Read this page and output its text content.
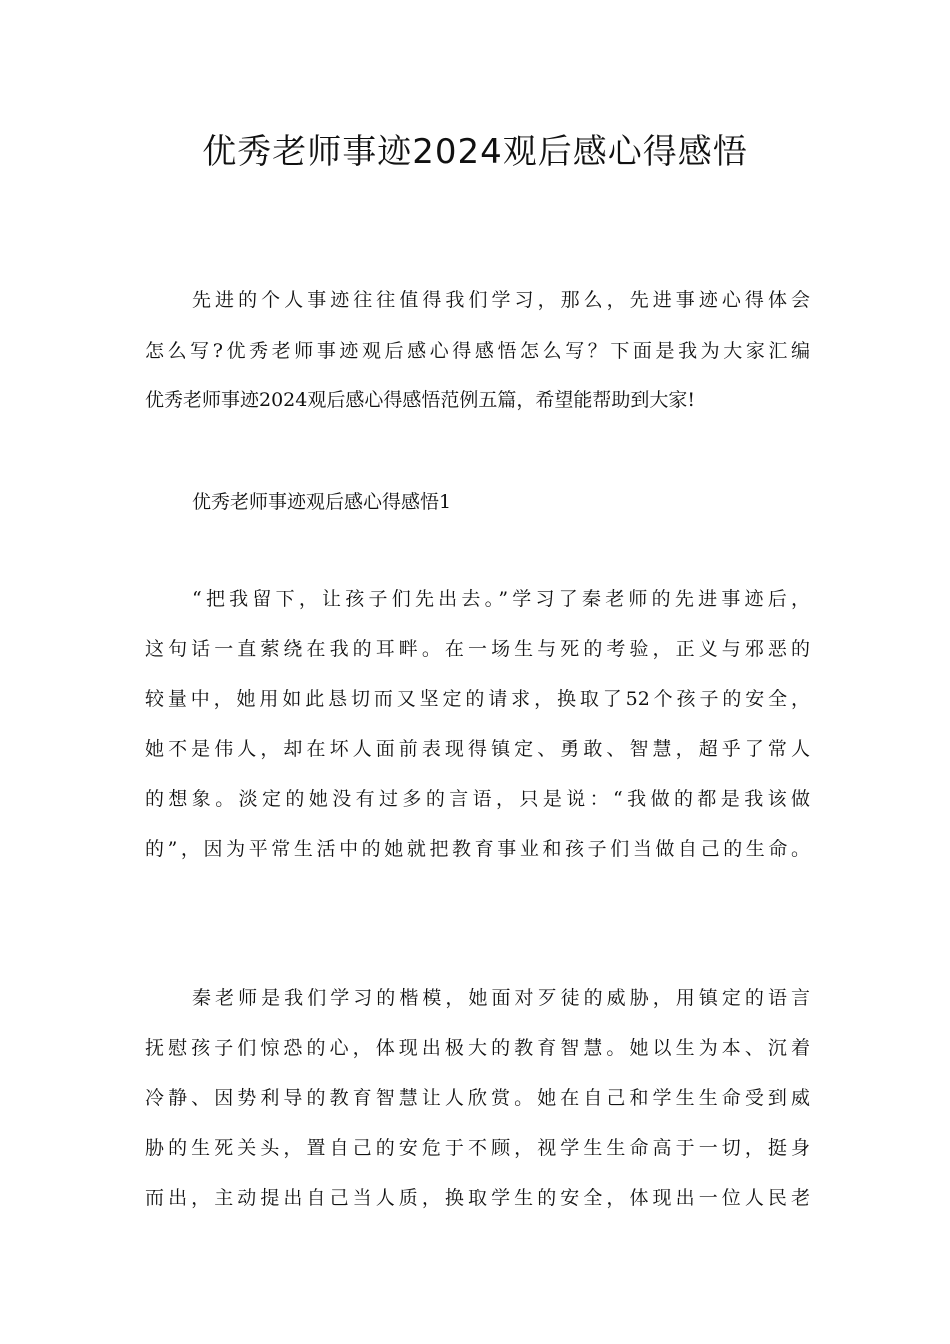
优秀老师事迹2024观后感心得感悟
先进的个人事迹往往值得我们学习，那么，先进事迹心得体会
怎么写?优秀老师事迹观后感心得感悟怎么写？下面是我为大家汇编
优秀老师事迹2024观后感心得感悟范例五篇，希望能帮助到大家!
优秀老师事迹观后感心得感悟1
“把我留下，让孩子们先出去。”学习了秦老师的先进事迹后，
这句话一直萦绕在我的耳畔。在一场生与死的考验，正义与邪恶的
较量中，她用如此恳切而又坚定的请求，换取了52个孩子的安全，
她不是伟人，却在坏人面前表现得镇定、勇敢、智慧，超乎了常人
的想象。淡定的她没有过多的言语，只是说：“我做的都是我该做
的”，因为平常生活中的她就把教育事业和孩子们当做自己的生命。
秦老师是我们学习的楷模，她面对歹徒的威胁，用镇定的语言
抚慰孩子们惊恐的心，体现出极大的教育智慧。她以生为本、沉着
冷静、因势利导的教育智慧让人欣赏。她在自己和学生生命受到威
胁的生死关头，置自己的安危于不顾，视学生生命高于一切，挺身
而出，主动提出自己当人质，换取学生的安全，体现出一位人民老
